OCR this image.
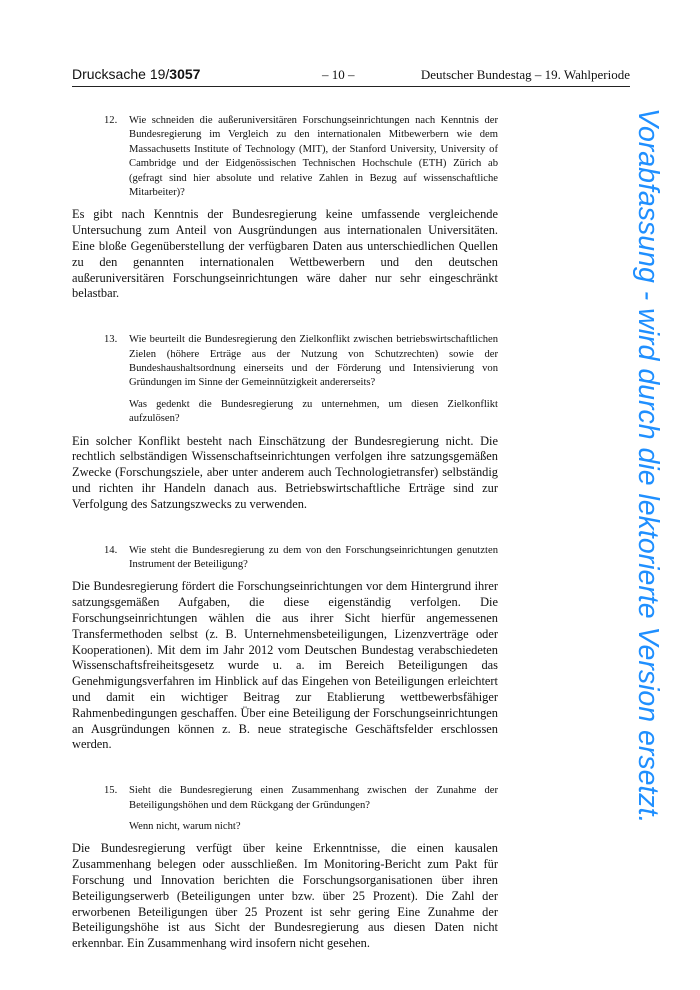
Drucksache 19/3057	– 10 –	Deutscher Bundestag – 19. Wahlperiode
12.	Wie schneiden die außeruniversitären Forschungseinrichtungen nach Kenntnis der Bundesregierung im Vergleich zu den internationalen Mitbewerbern wie dem Massachusetts Institute of Technology (MIT), der Stanford University, University of Cambridge und der Eidgenössischen Technischen Hochschule (ETH) Zürich ab (gefragt sind hier absolute und relative Zahlen in Bezug auf wissenschaftliche Mitarbeiter)?
Es gibt nach Kenntnis der Bundesregierung keine umfassende vergleichende Untersuchung zum Anteil von Ausgründungen aus internationalen Universitäten. Eine bloße Gegenüberstellung der verfügbaren Daten aus unterschiedlichen Quellen zu den genannten internationalen Wettbewerbern und den deutschen außeruniversitären Forschungseinrichtungen wäre daher nur sehr eingeschränkt belastbar.
13.	Wie beurteilt die Bundesregierung den Zielkonflikt zwischen betriebswirtschaftlichen Zielen (höhere Erträge aus der Nutzung von Schutzrechten) sowie der Bundeshaushaltsordnung einerseits und der Förderung und Intensivierung von Gründungen im Sinne der Gemeinnützigkeit andererseits?
Was gedenkt die Bundesregierung zu unternehmen, um diesen Zielkonflikt aufzulösen?
Ein solcher Konflikt besteht nach Einschätzung der Bundesregierung nicht. Die rechtlich selbständigen Wissenschaftseinrichtungen verfolgen ihre satzungsgemäßen Zwecke (Forschungsziele, aber unter anderem auch Technologietransfer) selbständig und richten ihr Handeln danach aus. Betriebswirtschaftliche Erträge sind zur Verfolgung des Satzungszwecks zu verwenden.
14.	Wie steht die Bundesregierung zu dem von den Forschungseinrichtungen genutzten Instrument der Beteiligung?
Die Bundesregierung fördert die Forschungseinrichtungen vor dem Hintergrund ihrer satzungsgemäßen Aufgaben, die diese eigenständig verfolgen. Die Forschungseinrichtungen wählen die aus ihrer Sicht hierfür angemessenen Transfermethoden selbst (z. B. Unternehmensbeteiligungen, Lizenzverträge oder Kooperationen). Mit dem im Jahr 2012 vom Deutschen Bundestag verabschiedeten Wissenschaftsfreiheitsgesetz wurde u. a. im Bereich Beteiligungen das Genehmigungsverfahren im Hinblick auf das Eingehen von Beteiligungen erleichtert und damit ein wichtiger Beitrag zur Etablierung wettbewerbsfähiger Rahmenbedingungen geschaffen. Über eine Beteiligung der Forschungseinrichtungen an Ausgründungen können z. B. neue strategische Geschäftsfelder erschlossen werden.
15.	Sieht die Bundesregierung einen Zusammenhang zwischen der Zunahme der Beteiligungshöhen und dem Rückgang der Gründungen?
Wenn nicht, warum nicht?
Die Bundesregierung verfügt über keine Erkenntnisse, die einen kausalen Zusammenhang belegen oder ausschließen. Im Monitoring-Bericht zum Pakt für Forschung und Innovation berichten die Forschungsorganisationen über ihren Beteiligungserwerb (Beteiligungen unter bzw. über 25 Prozent). Die Zahl der erworbenen Beteiligungen über 25 Prozent ist sehr gering Eine Zunahme der Beteiligungshöhe ist aus Sicht der Bundesregierung aus diesen Daten nicht erkennbar. Ein Zusammenhang wird insofern nicht gesehen.
Vorabfassung - wird durch die lektorierte Version ersetzt.
